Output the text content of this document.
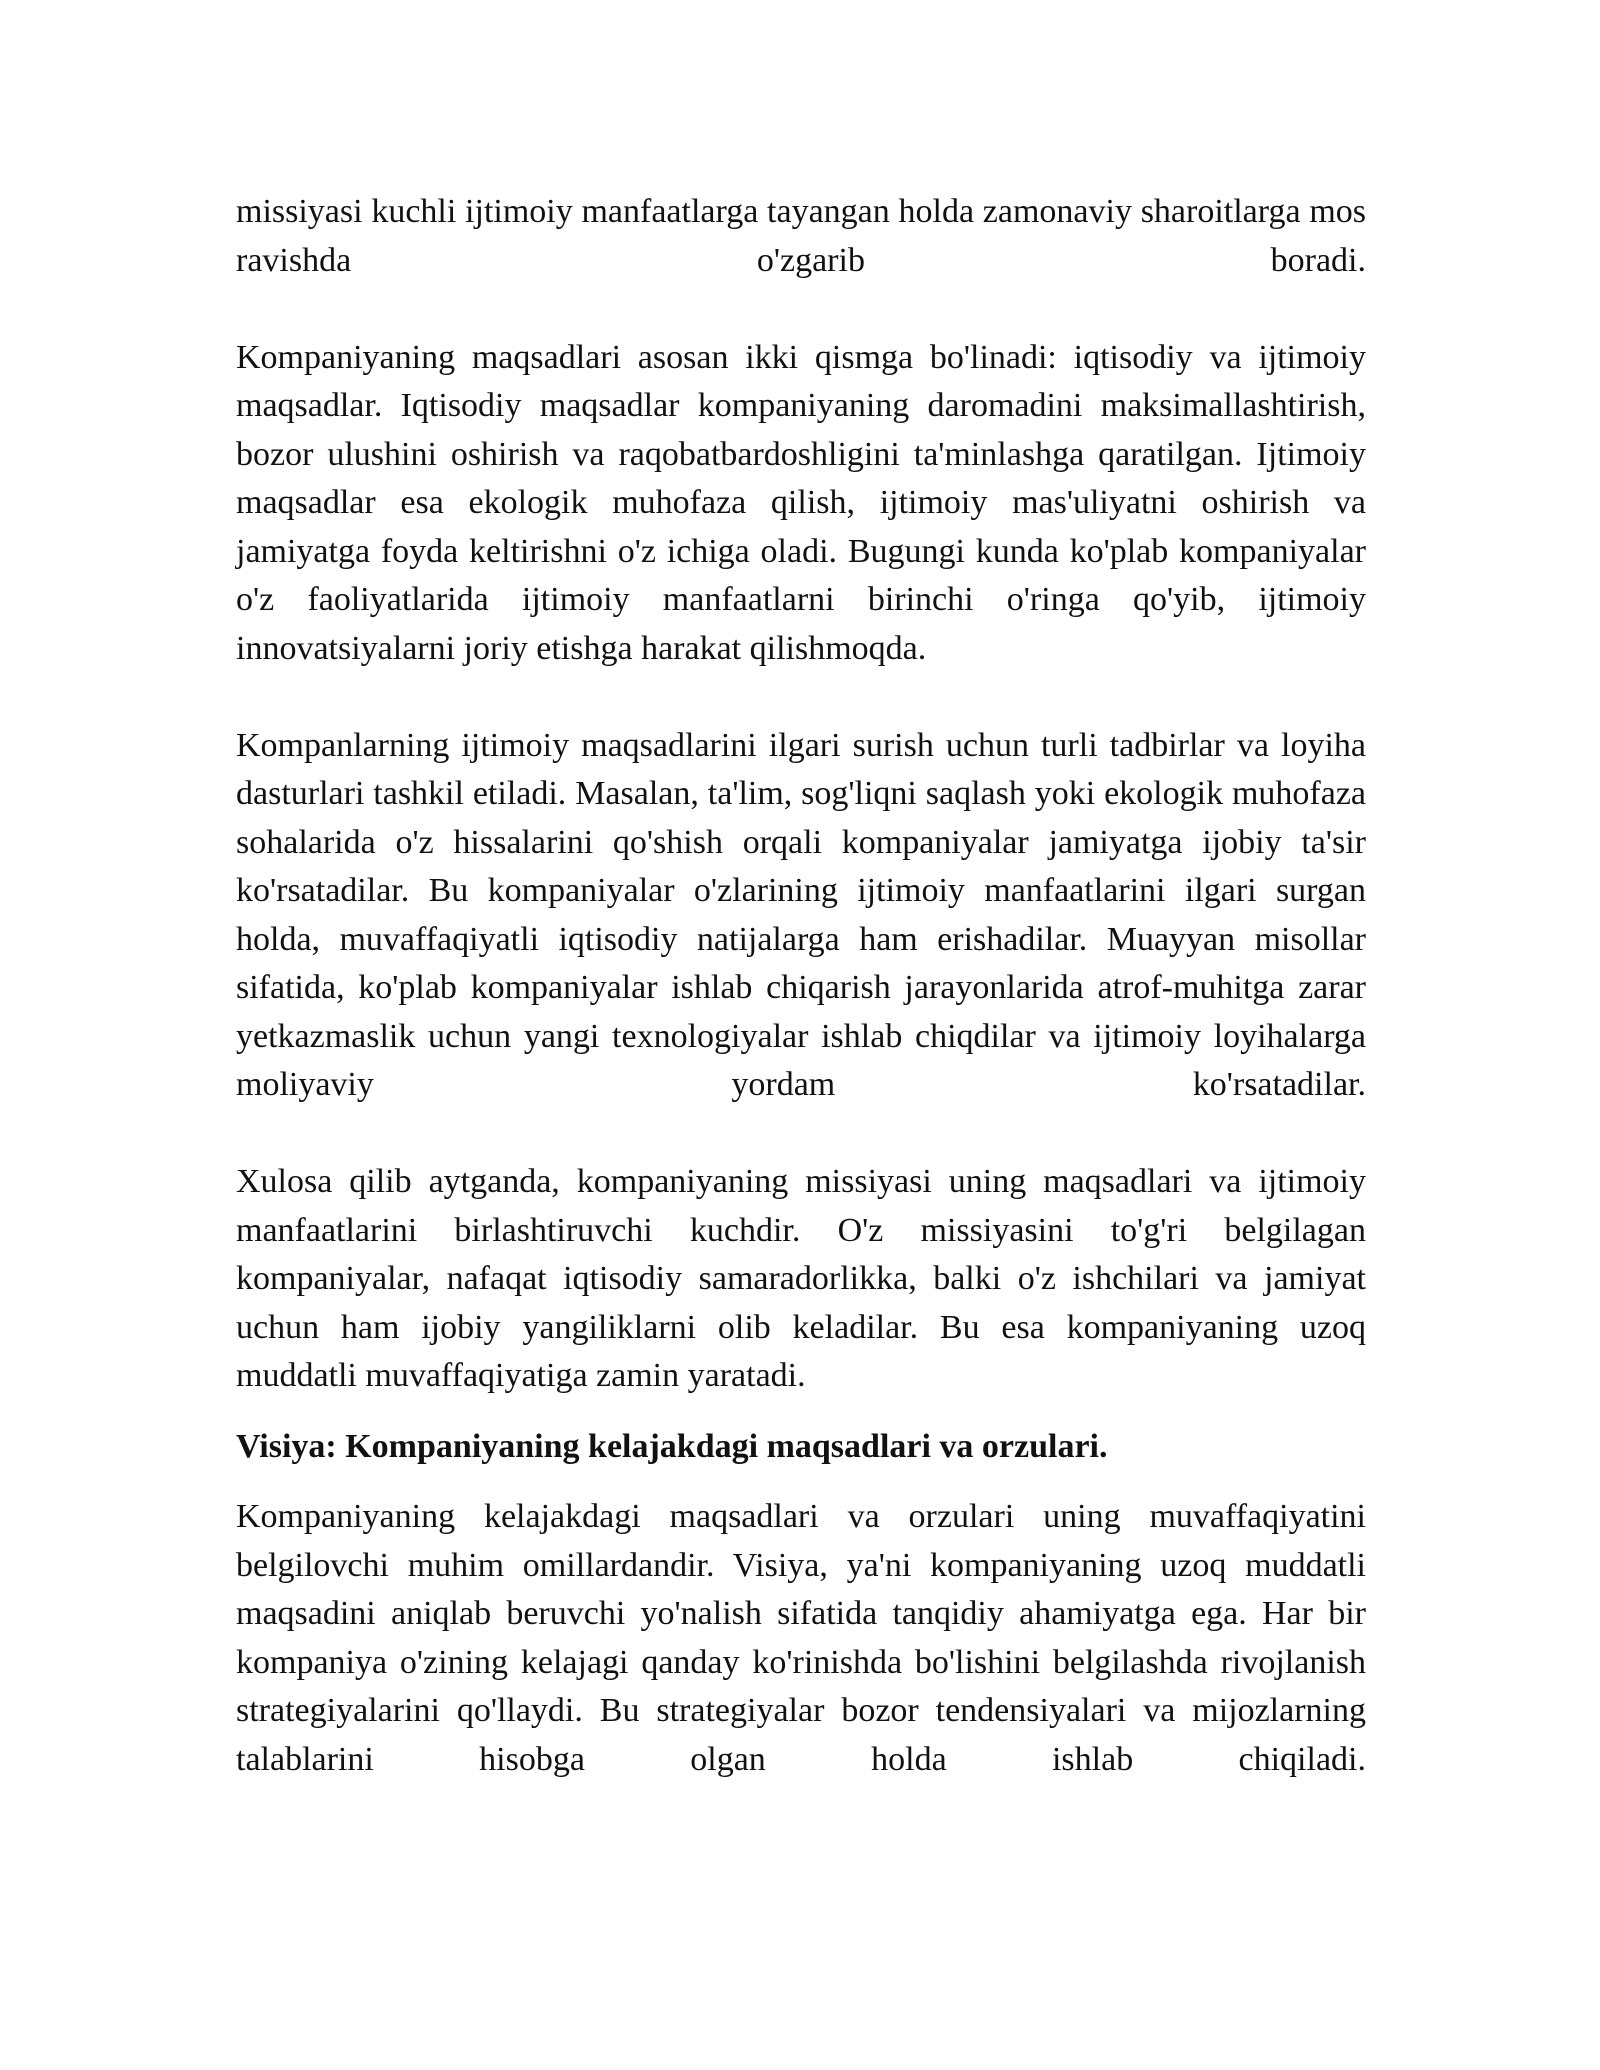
missiyasi kuchli ijtimoiy manfaatlarga tayangan holda zamonaviy sharoitlarga mos ravishda o'zgarib boradi.

Kompaniyaning maqsadlari asosan ikki qismga bo'linadi: iqtisodiy va ijtimoiy maqsadlar. Iqtisodiy maqsadlar kompaniyaning daromadini maksimallashtirish, bozor ulushini oshirish va raqobatbardoshligini ta'minlashga qaratilgan. Ijtimoiy maqsadlar esa ekologik muhofaza qilish, ijtimoiy mas'uliyatni oshirish va jamiyatga foyda keltirishni o'z ichiga oladi. Bugungi kunda ko'plab kompaniyalar o'z faoliyatlarida ijtimoiy manfaatlarni birinchi o'ringa qo'yib, ijtimoiy innovatsiyalarni joriy etishga harakat qilishmoqda.

Kompanlarning ijtimoiy maqsadlarini ilgari surish uchun turli tadbirlar va loyiha dasturlari tashkil etiladi. Masalan, ta'lim, sog'liqni saqlash yoki ekologik muhofaza sohalarida o'z hissalarini qo'shish orqali kompaniyalar jamiyatga ijobiy ta'sir ko'rsatadilar. Bu kompaniyalar o'zlarining ijtimoiy manfaatlarini ilgari surgan holda, muvaffaqiyatli iqtisodiy natijalarga ham erishadilar. Muayyan misollar sifatida, ko'plab kompaniyalar ishlab chiqarish jarayonlarida atrof-muhitga zarar yetkazmaslik uchun yangi texnologiyalar ishlab chiqdilar va ijtimoiy loyihalarga moliyaviy yordam ko'rsatadilar.

Xulosa qilib aytganda, kompaniyaning missiyasi uning maqsadlari va ijtimoiy manfaatlarini birlashtiruvchi kuchdir. O'z missiyasini to'g'ri belgilagan kompaniyalar, nafaqat iqtisodiy samaradorlikka, balki o'z ishchilari va jamiyat uchun ham ijobiy yangiliklarni olib keladilar. Bu esa kompaniyaning uzoq muddatli muvaffaqiyatiga zamin yaratadi.

Visiya: Kompaniyaning kelajakdagi maqsadlari va orzulari.

Kompaniyaning kelajakdagi maqsadlari va orzulari uning muvaffaqiyatini belgilovchi muhim omillardandir. Visiya, ya'ni kompaniyaning uzoq muddatli maqsadini aniqlab beruvchi yo'nalish sifatida tanqidiy ahamiyatga ega. Har bir kompaniya o'zining kelajagi qanday ko'rinishda bo'lishini belgilashda rivojlanish strategiyalarini qo'llaydi. Bu strategiyalar bozor tendensiyalari va mijozlarning talablarini hisobga olgan holda ishlab chiqiladi.
